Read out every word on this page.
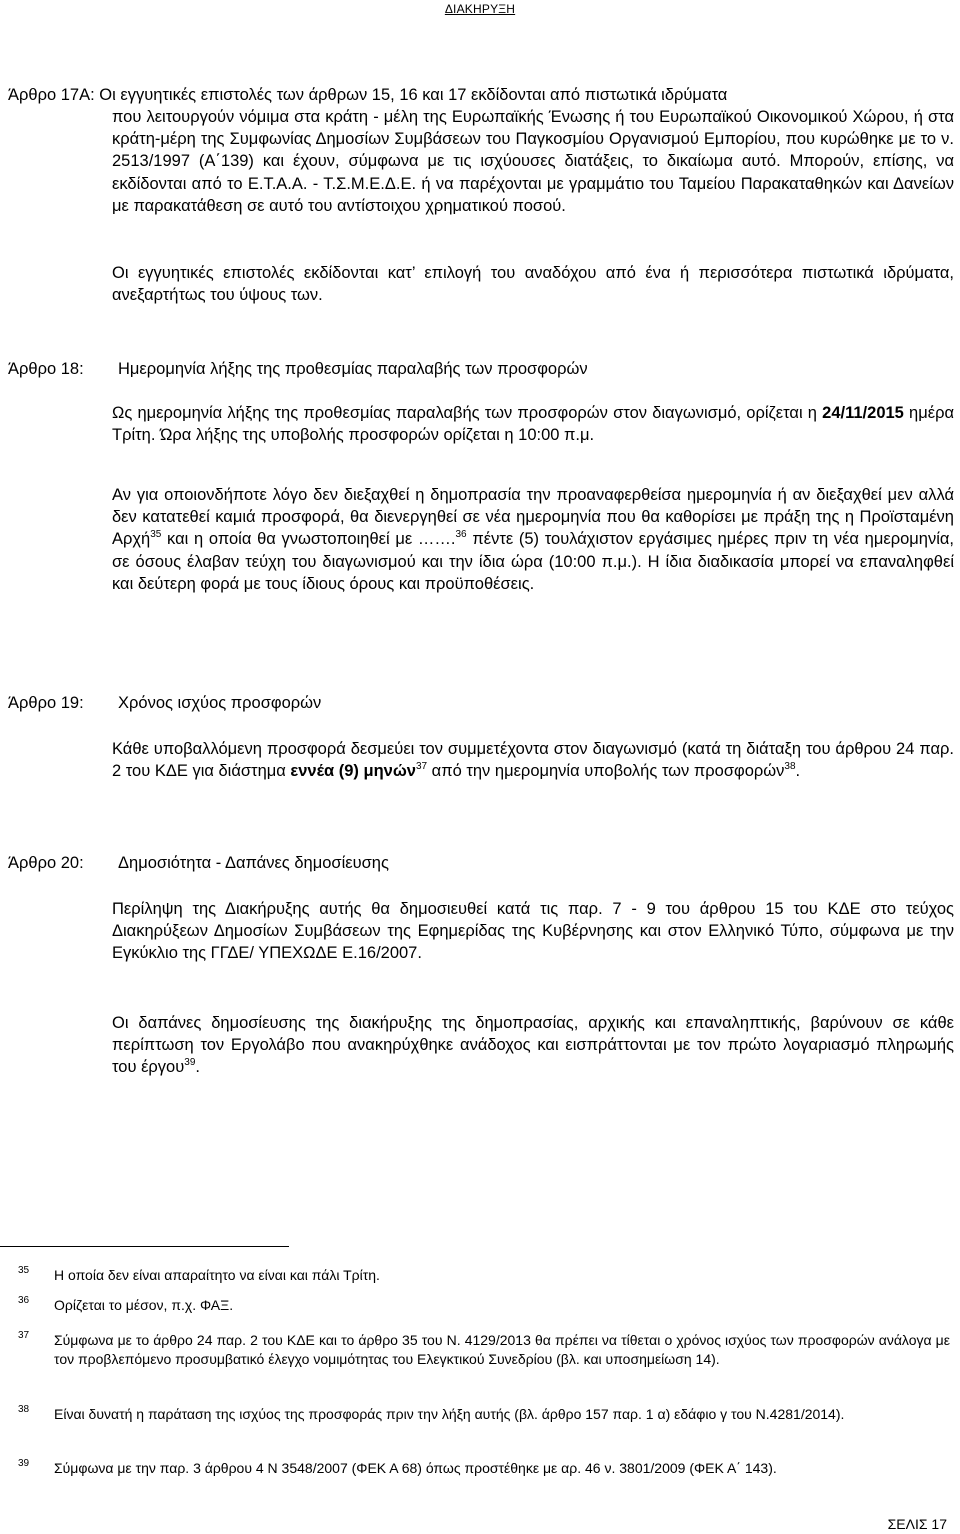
ΔΙΑΚΗΡΥΞΗ
Άρθρο 17Α: Οι εγγυητικές επιστολές των άρθρων 15, 16 και 17 εκδίδονται από πιστωτικά ιδρύματα
που λειτουργούν νόμιμα στα κράτη - μέλη της Ευρωπαϊκής Ένωσης ή του Ευρωπαϊκού Οικονομικού Χώρου, ή στα κράτη-μέρη της Συμφωνίας Δημοσίων Συμβάσεων του Παγκοσμίου Οργανισμού Εμπορίου, που κυρώθηκε με το ν. 2513/1997 (Α΄139) και έχουν, σύμφωνα με τις ισχύουσες διατάξεις, το δικαίωμα αυτό. Μπορούν, επίσης, να εκδίδονται από το Ε.Τ.Α.Α. - Τ.Σ.Μ.Ε.Δ.Ε. ή να παρέχονται με γραμμάτιο του Ταμείου Παρακαταθηκών και Δανείων με παρακατάθεση σε αυτό του αντίστοιχου χρηματικού ποσού.
Οι εγγυητικές επιστολές εκδίδονται κατ’ επιλογή του αναδόχου από ένα ή περισσότερα πιστωτικά ιδρύματα, ανεξαρτήτως του ύψους των.
Άρθρο 18: Ημερομηνία λήξης της προθεσμίας παραλαβής των προσφορών
Ως ημερομηνία λήξης της προθεσμίας παραλαβής των προσφορών στον διαγωνισμό, ορίζεται η 24/11/2015 ημέρα Τρίτη. Ώρα λήξης της υποβολής προσφορών ορίζεται η 10:00 π.μ.
Αν για οποιονδήποτε λόγο δεν διεξαχθεί η δημοπρασία την προαναφερθείσα ημερομηνία ή αν διεξαχθεί μεν αλλά δεν κατατεθεί καμιά προσφορά, θα διενεργηθεί σε νέα ημερομηνία που θα καθορίσει με πράξη της η Προϊσταμένη Αρχή$^{35}$ και η οποία θα γνωστοποιηθεί με …….$^{36}$ πέντε (5) τουλάχιστον εργάσιμες ημέρες πριν τη νέα ημερομηνία, σε όσους έλαβαν τεύχη του διαγωνισμού και την ίδια ώρα (10:00 π.μ.). Η ίδια διαδικασία μπορεί να επαναληφθεί και δεύτερη φορά με τους ίδιους όρους και προϋποθέσεις.
Άρθρο 19: Χρόνος ισχύος προσφορών
Κάθε υποβαλλόμενη προσφορά δεσμεύει τον συμμετέχοντα στον διαγωνισμό (κατά τη διάταξη του άρθρου 24 παρ. 2 του ΚΔΕ για διάστημα εννέα (9) μηνών$^{37}$ από την ημερομηνία υποβολής των προσφορών$^{38}$.
Άρθρο 20: Δημοσιότητα - Δαπάνες δημοσίευσης
Περίληψη της Διακήρυξης αυτής θα δημοσιευθεί κατά τις παρ. 7 - 9 του άρθρου 15 του ΚΔΕ στο τεύχος Διακηρύξεων Δημοσίων Συμβάσεων της Εφημερίδας της Κυβέρνησης και στον Ελληνικό Τύπο, σύμφωνα με την Εγκύκλιο της ΓΓΔΕ/ ΥΠΕΧΩΔΕ Ε.16/2007.
Οι δαπάνες δημοσίευσης της διακήρυξης της δημοπρασίας, αρχικής και επαναληπτικής, βαρύνουν σε κάθε περίπτωση τον Εργολάβο που ανακηρύχθηκε ανάδοχος και εισπράττονται με τον πρώτο λογαριασμό πληρωμής του έργου$^{39}$.
35 Η οποία δεν είναι απαραίτητο να είναι και πάλι Τρίτη.
36 Ορίζεται το μέσον, π.χ. ΦΑΞ.
37 Σύμφωνα με το άρθρο 24 παρ. 2 του ΚΔΕ και το άρθρο 35 του Ν. 4129/2013 θα πρέπει να τίθεται ο χρόνος ισχύος των προσφορών ανάλογα με τον προβλεπόμενο προσυμβατικό έλεγχο νομιμότητας του Ελεγκτικού Συνεδρίου (βλ. και υποσημείωση 14).
38 Είναι δυνατή η παράταση της ισχύος της προσφοράς πριν την λήξη αυτής (βλ. άρθρο 157 παρ. 1 α) εδάφιο γ του Ν.4281/2014).
39 Σύμφωνα με την παρ. 3 άρθρου 4 Ν 3548/2007 (ΦΕΚ Α 68) όπως προστέθηκε με αρ. 46 ν. 3801/2009 (ΦΕΚ Α΄ 143).
ΣΕΛΙΣ 17
